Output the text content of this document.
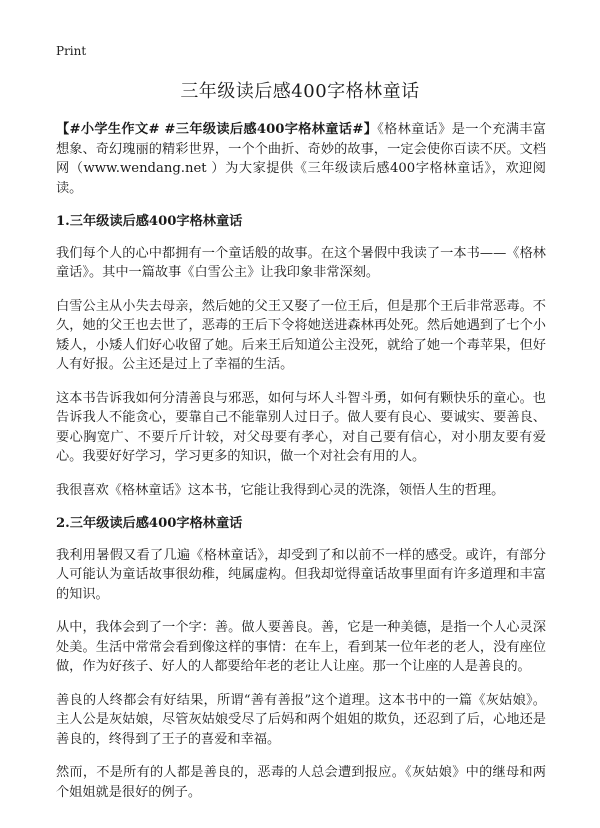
Print
三年级读后感400字格林童话

【#小学生作文# #三年级读后感400字格林童话#】《格林童话》是一个充满丰富想象、奇幻瑰丽的精彩世界，一个个曲折、奇妙的故事，一定会使你百读不厌。文档网（www.wendang.net ）为大家提供《三年级读后感400字格林童话》，欢迎阅读。

1.三年级读后感400字格林童话

我们每个人的心中都拥有一个童话般的故事。在这个暑假中我读了一本书——《格林童话》。其中一篇故事《白雪公主》让我印象非常深刻。

白雪公主从小失去母亲，然后她的父王又娶了一位王后，但是那个王后非常恶毒。不久，她的父王也去世了，恶毒的王后下令将她送进森林再处死。然后她遇到了七个小矮人，小矮人们好心收留了她。后来王后知道公主没死，就给了她一个毒苹果，但好人有好报。公主还是过上了幸福的生活。

这本书告诉我如何分清善良与邪恶，如何与坏人斗智斗勇，如何有颗快乐的童心。也告诉我人不能贪心，要靠自己不能靠别人过日子。做人要有良心、要诚实、要善良、要心胸宽广、不要斤斤计较，对父母要有孝心，对自己要有信心，对小朋友要有爱心。我要好好学习，学习更多的知识，做一个对社会有用的人。

我很喜欢《格林童话》这本书，它能让我得到心灵的洗涤，领悟人生的哲理。

2.三年级读后感400字格林童话

我利用暑假又看了几遍《格林童话》，却受到了和以前不一样的感受。或许，有部分人可能认为童话故事很幼稚，纯属虚构。但我却觉得童话故事里面有许多道理和丰富的知识。

从中，我体会到了一个字：善。做人要善良。善，它是一种美德，是指一个人心灵深处美。生活中常常会看到像这样的事情：在车上，看到某一位年老的老人，没有座位做，作为好孩子、好人的人都要给年老的老让人让座。那一个让座的人是善良的。

善良的人终都会有好结果，所谓“善有善报”这个道理。这本书中的一篇《灰姑娘》。主人公是灰姑娘，尽管灰姑娘受尽了后妈和两个姐姐的欺负，还忍到了后，心地还是善良的，终得到了王子的喜爱和幸福。

然而，不是所有的人都是善良的，恶毒的人总会遭到报应。《灰姑娘》中的继母和两个姐姐就是很好的例子。
